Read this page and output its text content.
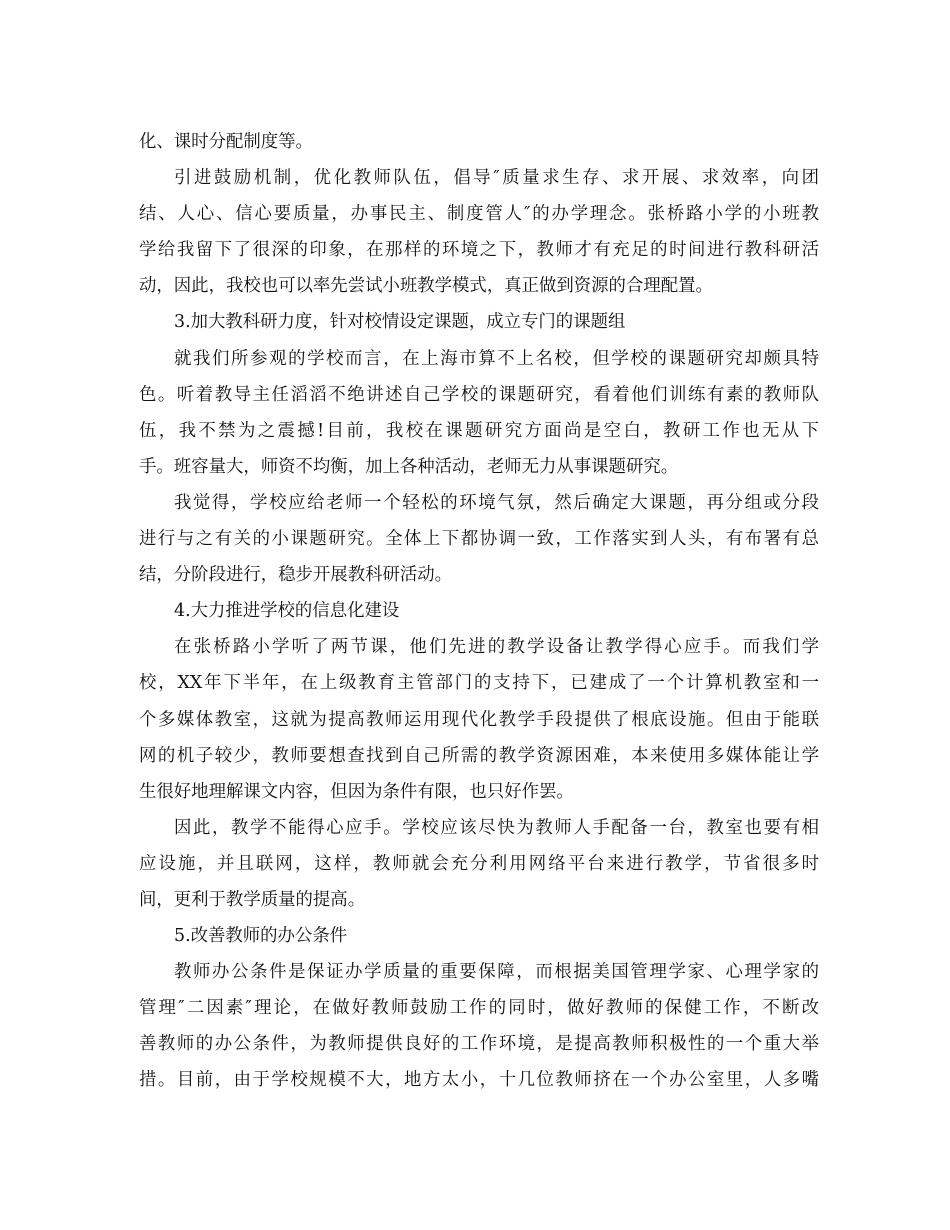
化、课时分配制度等。
引进鼓励机制，优化教师队伍，倡导″质量求生存、求开展、求效率，向团
结、人心、信心要质量，办事民主、制度管人″的办学理念。张桥路小学的小班教
学给我留下了很深的印象，在那样的环境之下，教师才有充足的时间进行教科研活
动，因此，我校也可以率先尝试小班教学模式，真正做到资源的合理配置。
3.加大教科研力度，针对校情设定课题，成立专门的课题组
就我们所参观的学校而言，在上海市算不上名校，但学校的课题研究却颇具特
色。听着教导主任滔滔不绝讲述自己学校的课题研究，看着他们训练有素的教师队
伍，我不禁为之震撼!目前，我校在课题研究方面尚是空白，教研工作也无从下
手。班容量大，师资不均衡，加上各种活动，老师无力从事课题研究。
我觉得，学校应给老师一个轻松的环境气氛，然后确定大课题，再分组或分段
进行与之有关的小课题研究。全体上下都协调一致，工作落实到人头，有布署有总
结，分阶段进行，稳步开展教科研活动。
4.大力推进学校的信息化建设
在张桥路小学听了两节课，他们先进的教学设备让教学得心应手。而我们学
校，XX年下半年，在上级教育主管部门的支持下，已建成了一个计算机教室和一
个多媒体教室，这就为提高教师运用现代化教学手段提供了根底设施。但由于能联
网的机子较少，教师要想查找到自己所需的教学资源困难，本来使用多媒体能让学
生很好地理解课文内容，但因为条件有限，也只好作罢。
因此，教学不能得心应手。学校应该尽快为教师人手配备一台，教室也要有相
应设施，并且联网，这样，教师就会充分利用网络平台来进行教学，节省很多时
间，更利于教学质量的提高。
5.改善教师的办公条件
教师办公条件是保证办学质量的重要保障，而根据美国管理学家、心理学家的
管理″二因素″理论，在做好教师鼓励工作的同时，做好教师的保健工作，不断改
善教师的办公条件，为教师提供良好的工作环境，是提高教师积极性的一个重大举
措。目前，由于学校规模不大，地方太小，十几位教师挤在一个办公室里，人多嘴
